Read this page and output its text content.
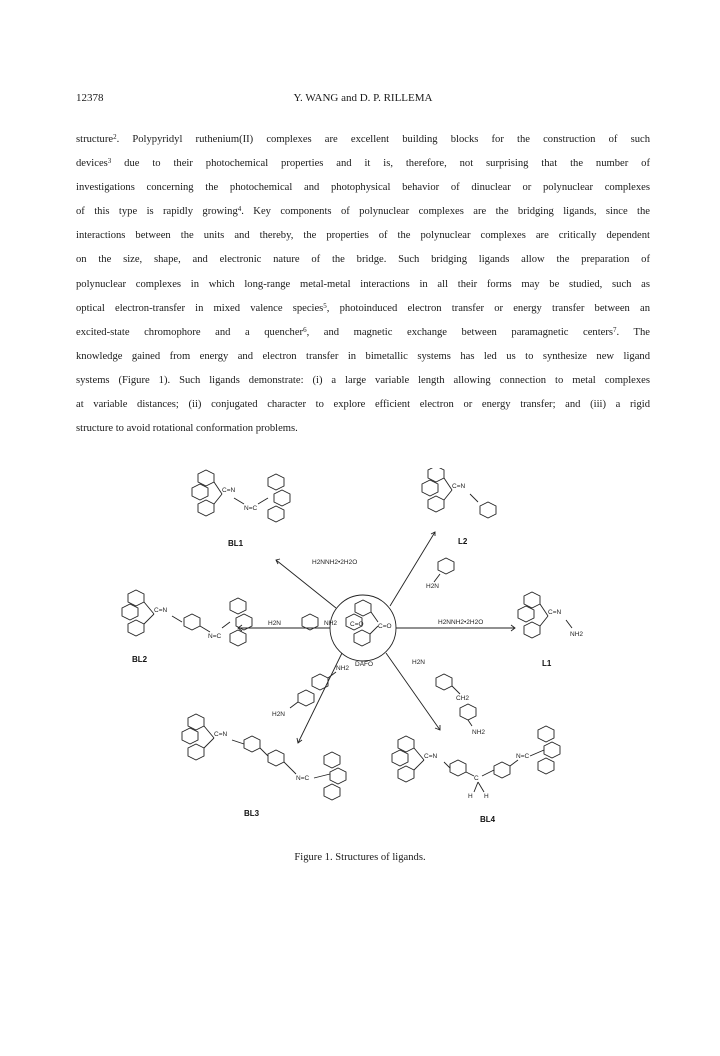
12378	Y. WANG and D. P. RILLEMA
structure$^2$. Polypyridyl ruthenium(II) complexes are excellent building blocks for the construction of such
devices$^3$ due to their photochemical properties and it is, therefore, not surprising that the number of
investigations concerning the photochemical and photophysical behavior of dinuclear or polynuclear complexes
of this type is rapidly growing$^4$. Key components of polynuclear complexes are the bridging ligands, since the
interactions between the units and thereby, the properties of the polynuclear complexes are critically dependent
on the size, shape, and electronic nature of the bridge. Such bridging ligands allow the preparation of
polynuclear complexes in which long-range metal-metal interactions in all their forms may be studied, such as
optical electron-transfer in mixed valence species$^5$, photoinduced electron transfer or energy transfer between an
excited-state chromophore and a quencher$^6$, and magnetic exchange between paramagnetic centers$^7$. The
knowledge gained from energy and electron transfer in bimetallic systems has led us to synthesize new ligand
systems (Figure 1). Such ligands demonstrate: (i) a large variable length allowing connection to metal complexes
at variable distances; (ii) conjugated character to explore efficient electron or energy transfer; and (iii) a rigid
structure to avoid rotational conformation problems.
C=O C=O
DAFO
H2NNH2•2H2O
H2NNH2•2H2O
H2N
H2N	NH2
NH2
H2N
H2N
CH2
NH2
C=N
N=C
C=N
C=N
N=C
C=N
NH2
C=N
N=C
C=N	N=C
C
H H
BL1	L2
BL2	L1
BL3
BL4
Figure 1. Structures of ligands.
